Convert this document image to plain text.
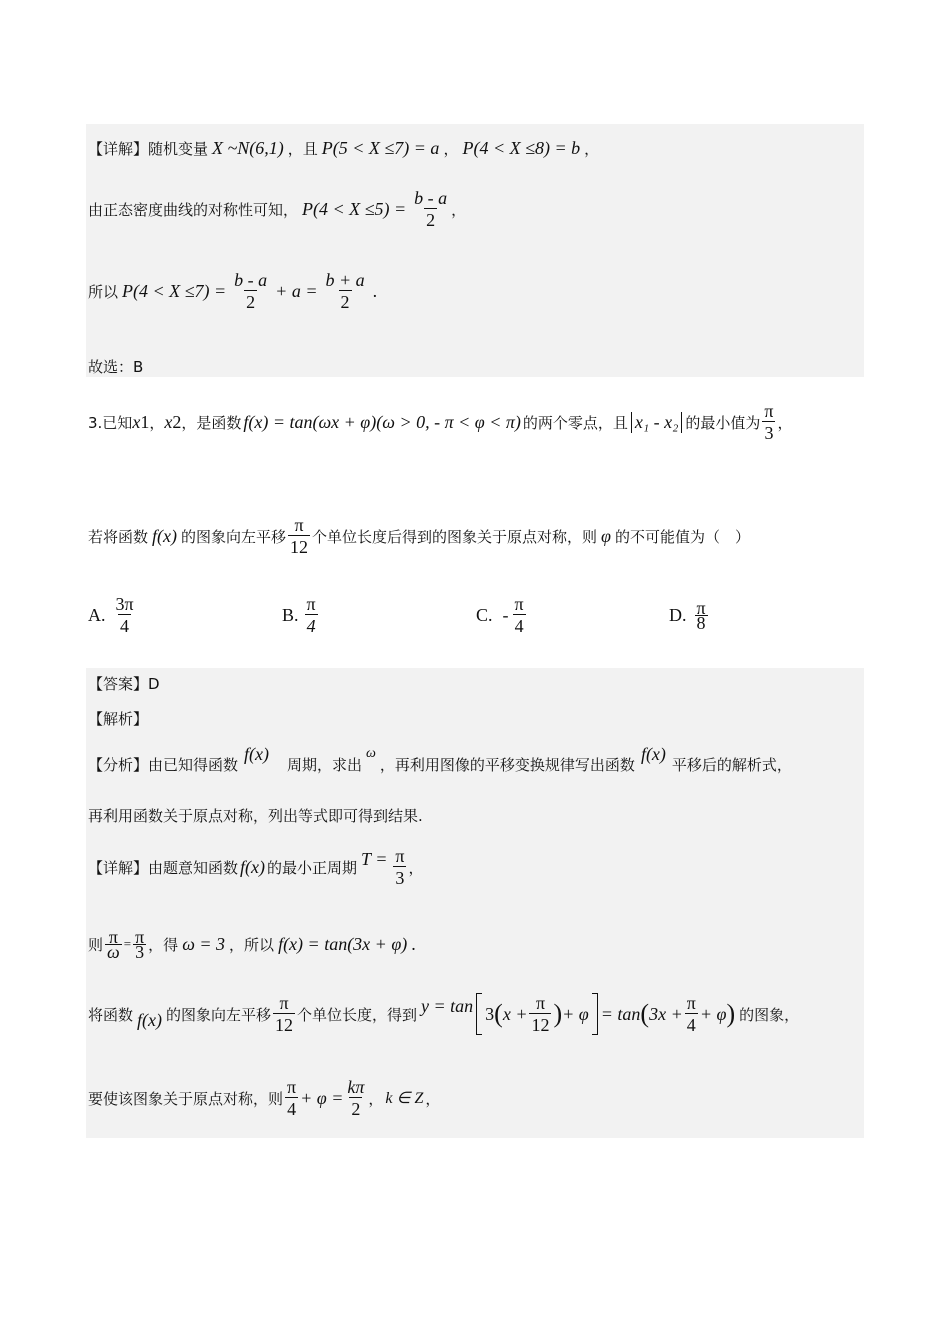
【详解】 随机变量 X ~N(6,1) ，且 P(5 < X ≤7) = a ， P(4 < X ≤8) = b ，
由正态密度曲线的对称性可知， $P(4 < X \le 5) = \frac{b - a}{2}$ ，
所以 $P(4 < X \le 7) = \frac{b - a}{2} + a = \frac{b + a}{2}$ .
故选：B
3.已知 x 1 ， x 2 ，是函数 f(x) = tan(ωx + φ)(ω > 0, - π < φ < π) 的两个零点，且 x₁ - x₂ 的最小值为 $\frac{\pi}{3}$ ，
若将函数 f(x) 的图象向左平移 $\frac{\pi}{12}$ 个单位长度后得到的图象关于原点对称，则 φ 的不可能值为（　）
A. $\frac{3\pi}{4}$	B. $\frac{\pi}{4}$	C. - $\frac{\pi}{4}$	D. $\frac{\pi}{8}$
【答案】D
【解析】
【分析】 由已知得函数
f(x)
周期，求出
ω
，再利用图像的平移变换规律写出函数
f(x)
平移后的解析式，
再利用函数关于原点对称，列出等式即可得到结果.
【详解】 由题意知函数 f(x) 的最小正周期 $T = \frac{\pi}{3}$ ，
则 $\frac{\pi}{\omega} = \frac{\pi}{3}$ ，得 ω = 3 ，所以 f(x) = tan(3x + φ) .
将函数 f(x) 的图象向左平移 $\frac{\pi}{12}$ 个单位长度，得到 y = tan 3 ( $x + \frac{\pi}{12}$ ) + φ = tan ( $3x + \frac{\pi}{4} + \varphi$ ) 的图象，
要使该图象关于原点对称，则 $\frac{\pi}{4} + \varphi = \frac{k\pi}{2}$ ， k ∈ Z ，
